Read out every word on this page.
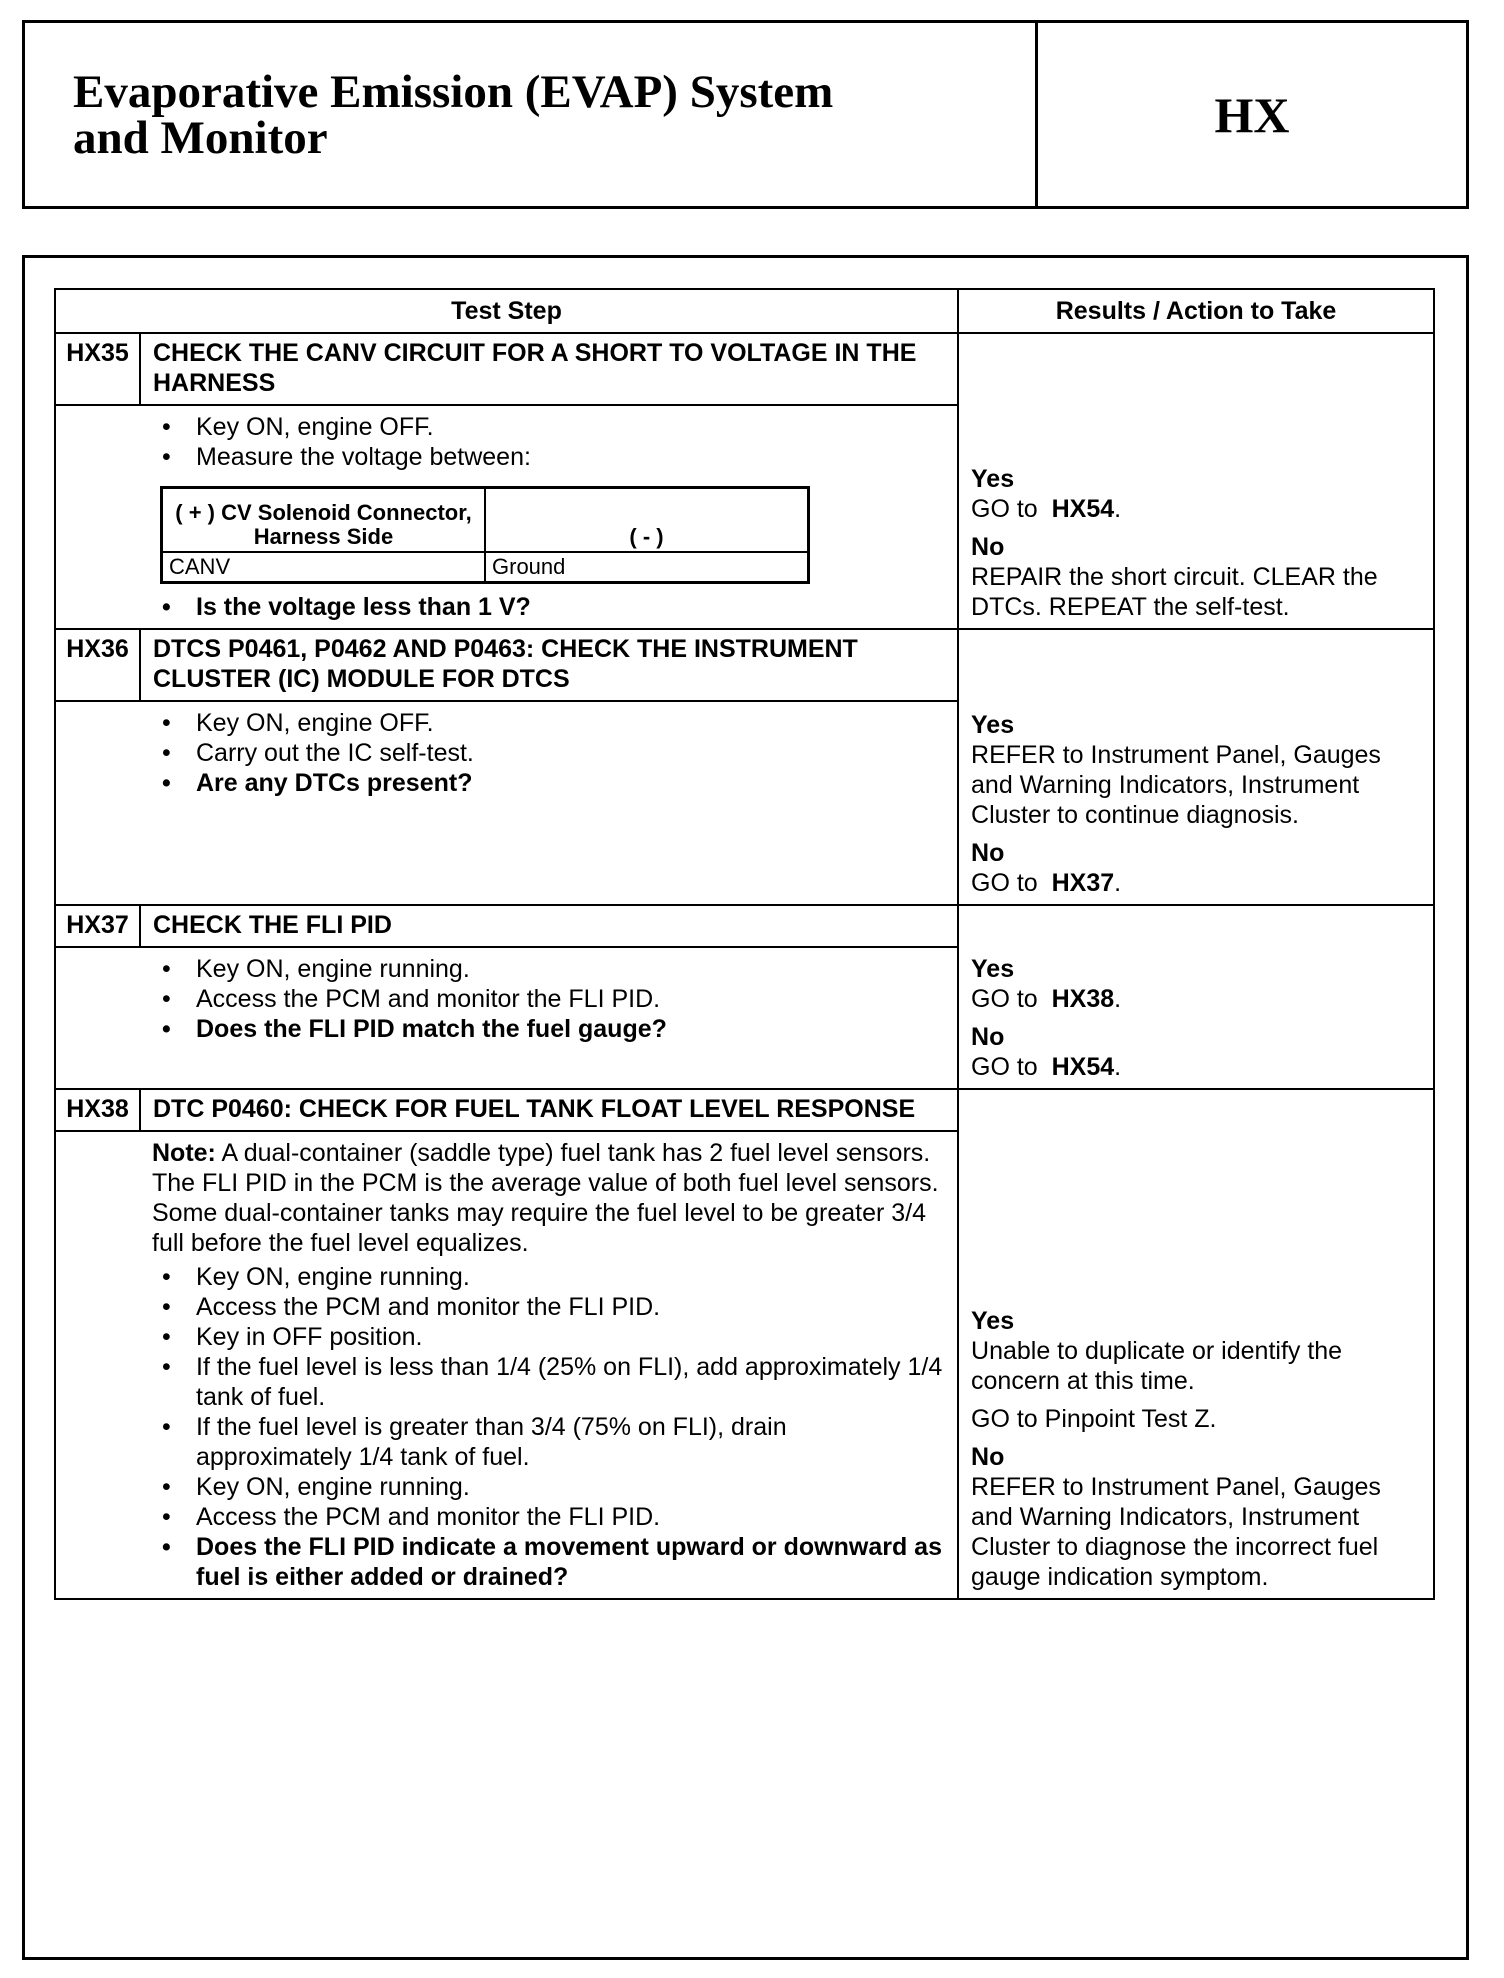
Evaporative Emission (EVAP) System
and Monitor	HX
Test Step	Results / Action to Take
HX35	CHECK THE CANV CIRCUIT FOR A SHORT TO VOLTAGE IN THE HARNESS	
Yes
GO to HX54.
No
REPAIR the short circuit. CLEAR the DTCs. REPEAT the self-test.

• Key ON, engine OFF.
• Measure the voltage between:
( + ) CV Solenoid Connector, Harness Side	( - )
CANV	Ground
• Is the voltage less than 1 V?

HX36	DTCS P0461, P0462 AND P0463: CHECK THE INSTRUMENT CLUSTER (IC) MODULE FOR DTCS	
Yes
REFER to Instrument Panel, Gauges and Warning Indicators, Instrument Cluster to continue diagnosis.
No
GO to HX37.

• Key ON, engine OFF.
• Carry out the IC self-test.
• Are any DTCs present?

HX37	CHECK THE FLI PID	
Yes
GO to HX38.
No
GO to HX54.

• Key ON, engine running.
• Access the PCM and monitor the FLI PID.
• Does the FLI PID match the fuel gauge?

HX38	DTC P0460: CHECK FOR FUEL TANK FLOAT LEVEL RESPONSE	
Yes
Unable to duplicate or identify the concern at this time.
GO to Pinpoint Test Z.
No
REFER to Instrument Panel, Gauges and Warning Indicators, Instrument Cluster to diagnose the incorrect fuel gauge indication symptom.

Note: A dual-container (saddle type) fuel tank has 2 fuel level sensors. The FLI PID in the PCM is the average value of both fuel level sensors. Some dual-container tanks may require the fuel level to be greater 3/4 full before the fuel level equalizes.
• Key ON, engine running.
• Access the PCM and monitor the FLI PID.
• Key in OFF position.
• If the fuel level is less than 1/4 (25% on FLI), add approximately 1/4 tank of fuel.
• If the fuel level is greater than 3/4 (75% on FLI), drain approximately 1/4 tank of fuel.
• Key ON, engine running.
• Access the PCM and monitor the FLI PID.
• Does the FLI PID indicate a movement upward or downward as fuel is either added or drained?
